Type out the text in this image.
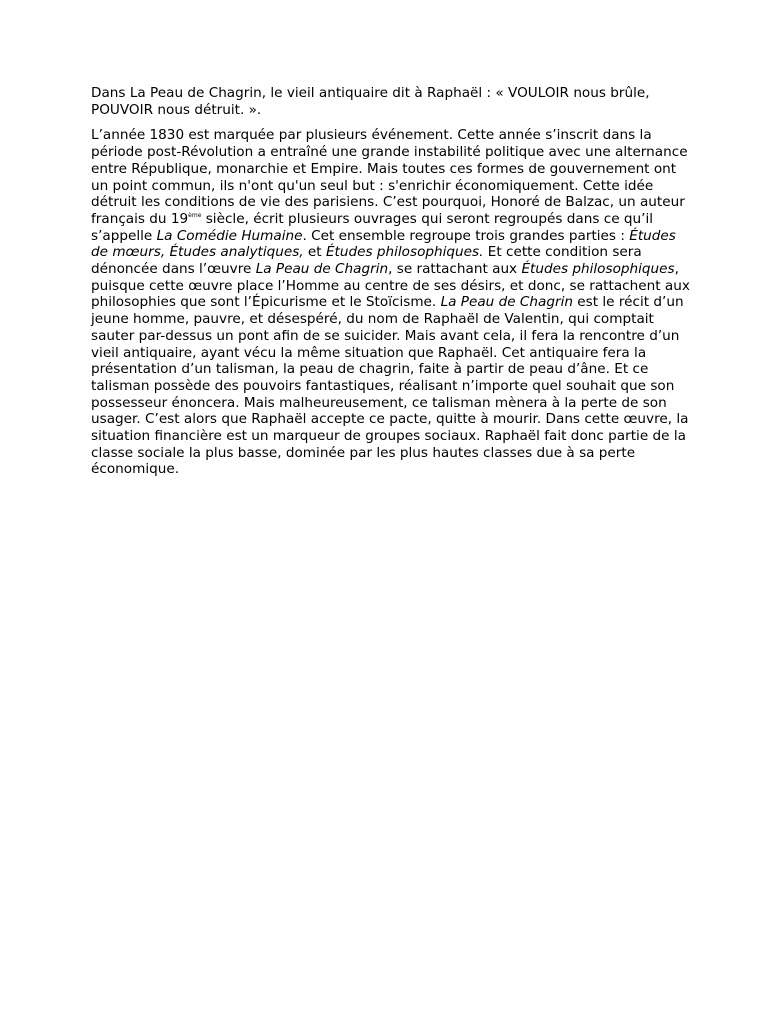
Dans La Peau de Chagrin, le vieil antiquaire dit à Raphaël : « VOULOIR nous brûle, POUVOIR nous détruit. ».

L’année 1830 est marquée par plusieurs événement. Cette année s’inscrit dans la période post-Révolution a entraîné une grande instabilité politique avec une alternance entre République, monarchie et Empire. Mais toutes ces formes de gouvernement ont un point commun, ils n'ont qu'un seul but : s'enrichir économiquement. Cette idée détruit les conditions de vie des parisiens. C’est pourquoi, Honoré de Balzac, un auteur français du 19ème siècle, écrit plusieurs ouvrages qui seront regroupés dans ce qu’il s’appelle La Comédie Humaine. Cet ensemble regroupe trois grandes parties : Études de mœurs, Études analytiques, et Études philosophiques. Et cette condition sera dénoncée dans l’œuvre La Peau de Chagrin, se rattachant aux Études philosophiques, puisque cette œuvre place l’Homme au centre de ses désirs, et donc, se rattachent aux philosophies que sont l’Épicurisme et le Stoïcisme. La Peau de Chagrin est le récit d’un jeune homme, pauvre, et désespéré, du nom de Raphaël de Valentin, qui comptait sauter par-dessus un pont afin de se suicider. Mais avant cela, il fera la rencontre d’un vieil antiquaire, ayant vécu la même situation que Raphaël. Cet antiquaire fera la présentation d’un talisman, la peau de chagrin, faite à partir de peau d’âne. Et ce talisman possède des pouvoirs fantastiques, réalisant n’importe quel souhait que son possesseur énoncera. Mais malheureusement, ce talisman mènera à la perte de son usager. C’est alors que Raphaël accepte ce pacte, quitte à mourir. Dans cette œuvre, la situation financière est un marqueur de groupes sociaux. Raphaël fait donc partie de la classe sociale la plus basse, dominée par les plus hautes classes due à sa perte économique.
